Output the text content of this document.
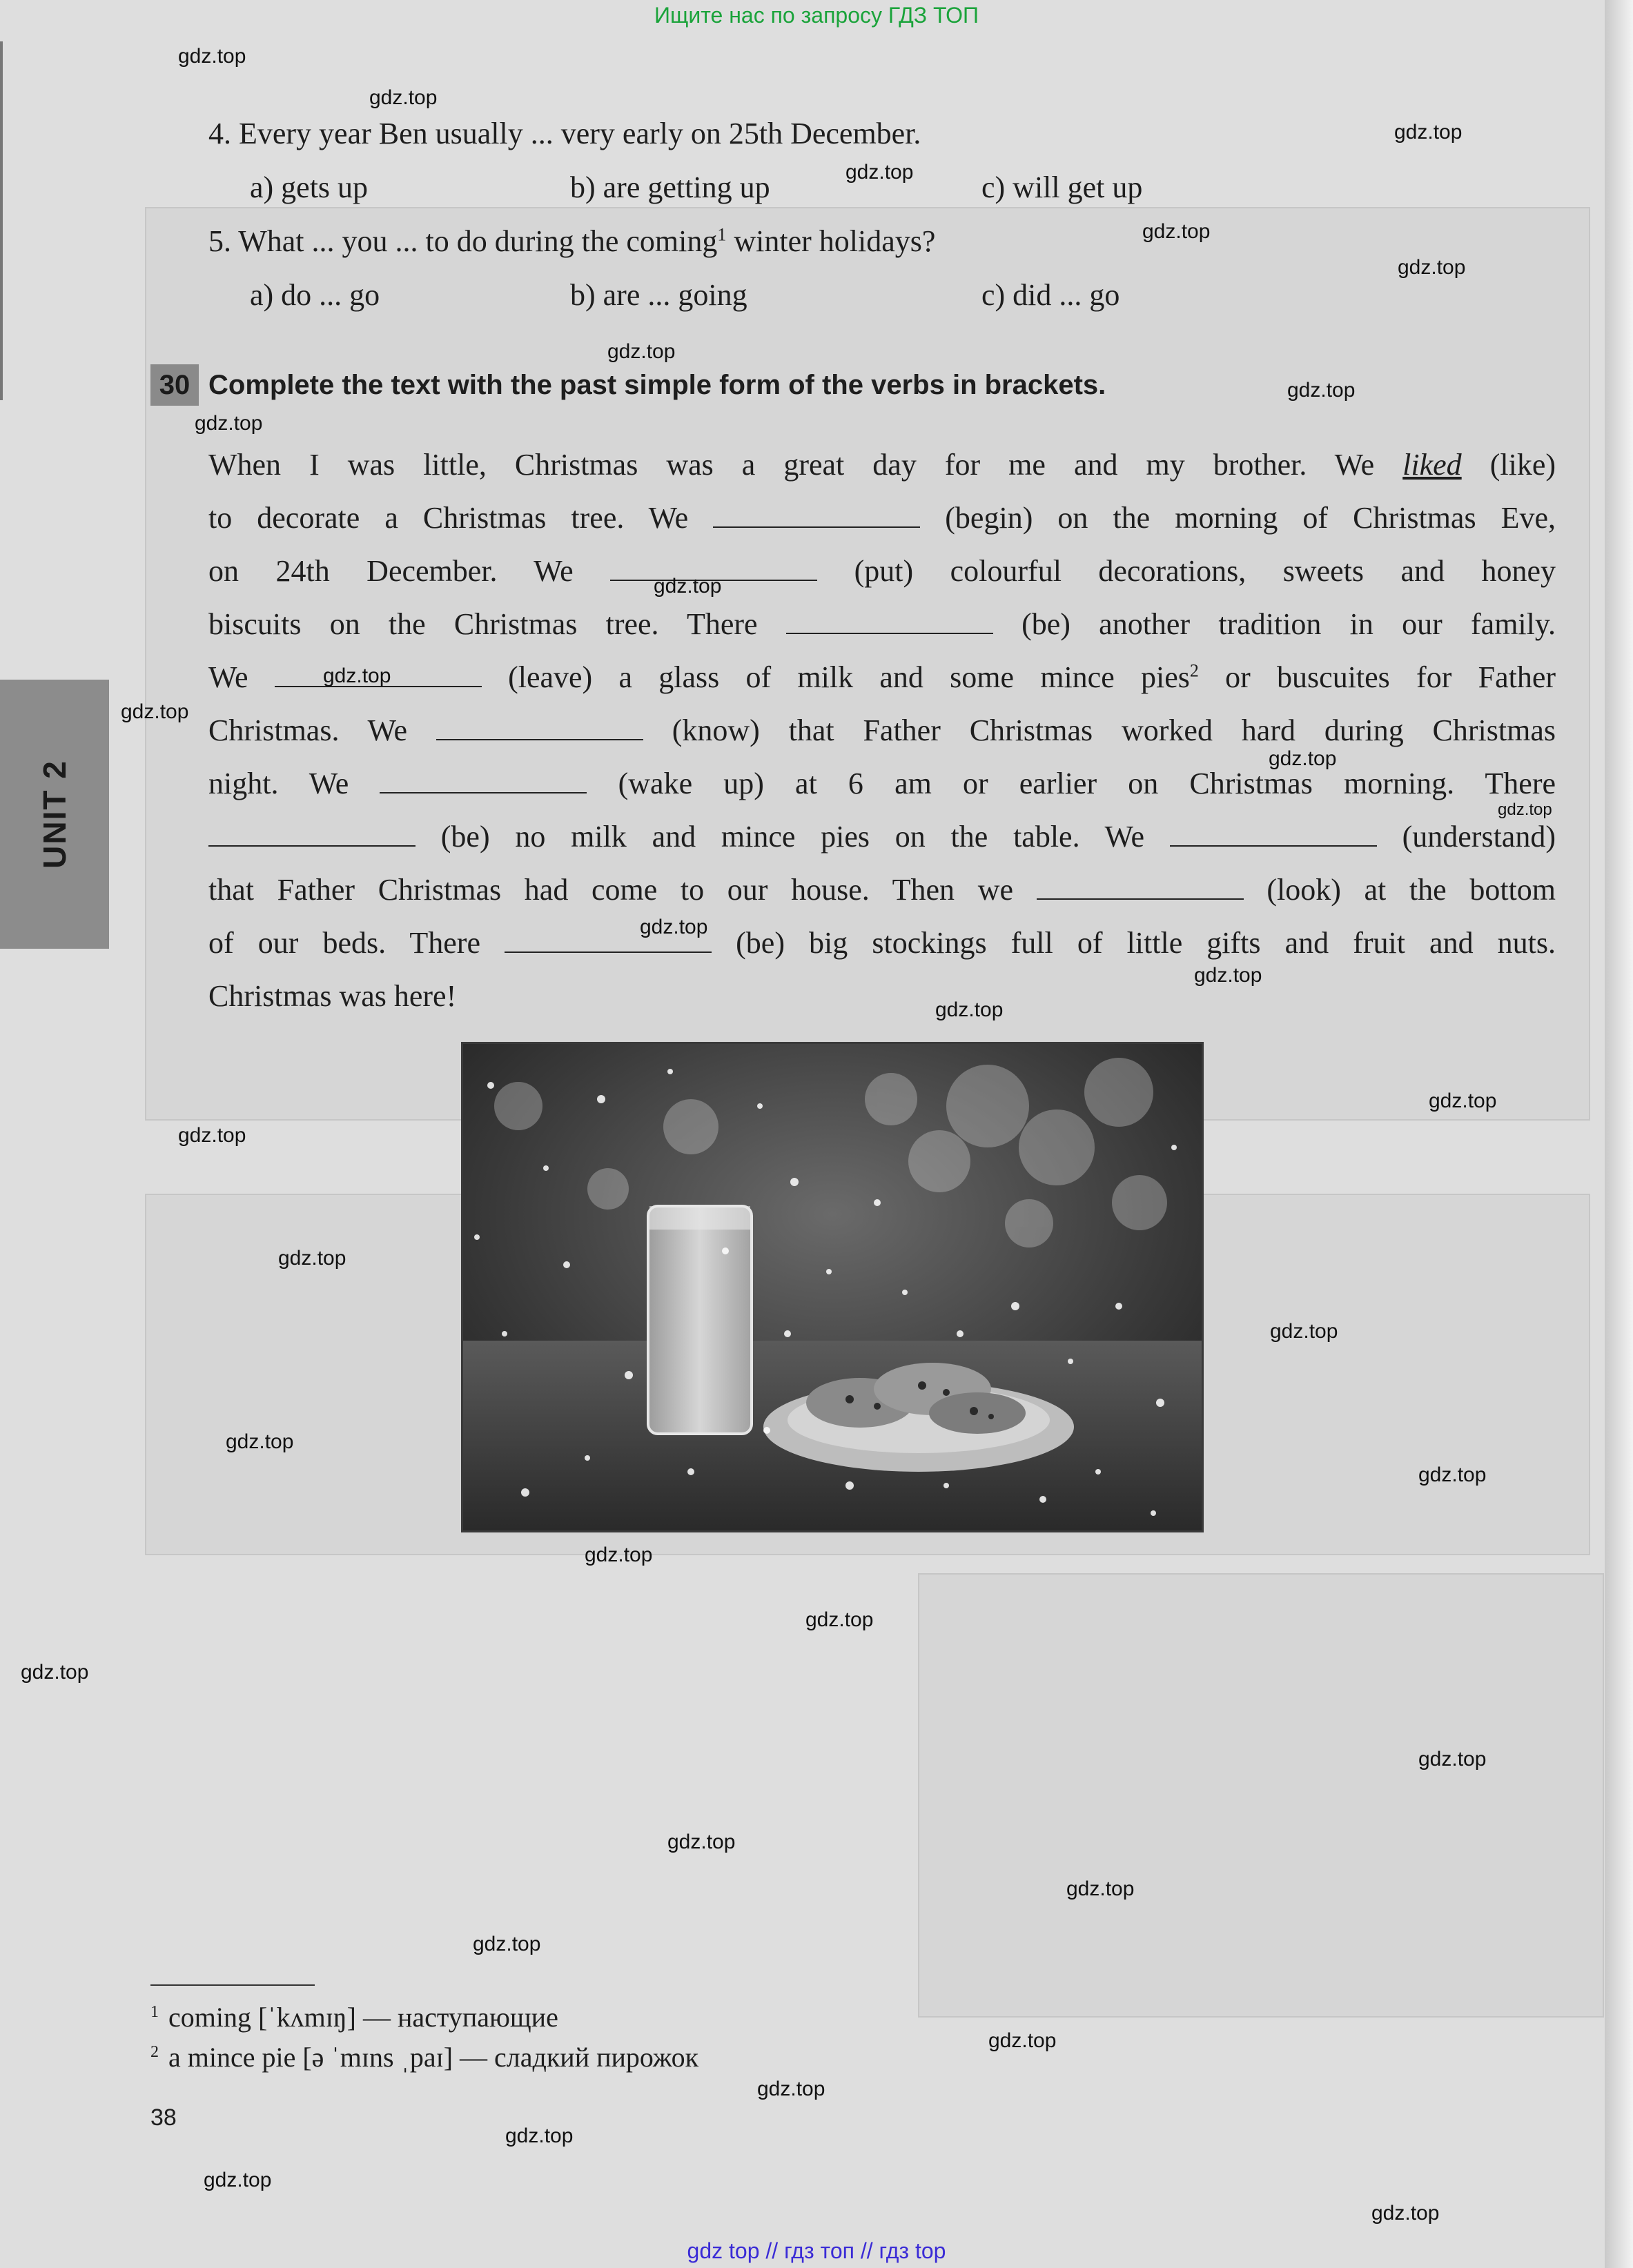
Ищите нас по запросу ГДЗ ТОП
4. Every year Ben usually ... very early on 25th December.
a) gets up	b) are getting up	c) will get up
5. What ... you ... to do during the coming$^1$ winter holidays?
a) do ... go	b) are ... going	c) did ... go
30 Complete the text with the past simple form of the verbs in brackets.
When I was little, Christmas was a great day for me and my brother. We liked (like)
to decorate a Christmas tree. We	(begin) on the morning of Christmas Eve,
on 24th December. We	(put) colourful decorations, sweets and honey
biscuits on the Christmas tree. There	(be) another tradition in our family.
We	(leave) a glass of milk and some mince pies$^2$ or buscuites for Father
Christmas. We	(know) that Father Christmas worked hard during Christmas
night. We	(wake up) at 6 am or earlier on Christmas morning. There
(be) no milk and mince pies on the table. We	(understand)
that Father Christmas had come to our house. Then we	(look) at the bottom
of our beds. There	(be) big stockings full of little gifts and fruit and nuts.
Christmas was here!
UNIT 2
$^1$ coming [ˈkʌmɪŋ] — наступающие
$^2$ a mince pie [ə ˈmɪns ˌpaɪ] — сладкий пирожок
38
gdz top // гдз топ // гдз top
gdz.top
gdz.top
gdz.top
gdz.top
gdz.top
gdz.top
gdz.top
gdz.top
gdz.top
gdz.top
gdz.top
gdz.top
gdz.top
gdz.top
gdz.top
gdz.top
gdz.top
gdz.top
gdz.top
gdz.top
gdz.top
gdz.top
gdz.top
gdz.top
gdz.top
gdz.top
gdz.top
gdz.top
gdz.top
gdz.top
gdz.top
gdz.top
gdz.top
gdz.top
gdz.top
